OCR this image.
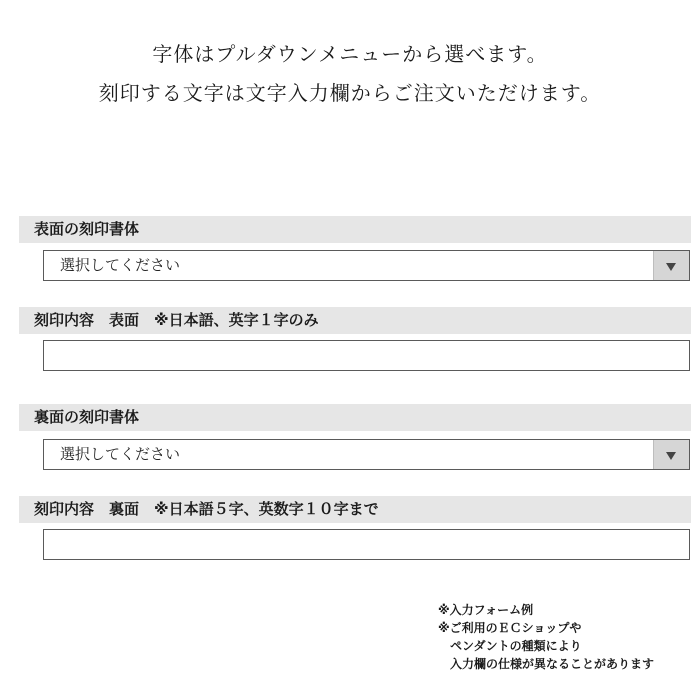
字体はプルダウンメニューから選べます。
刻印する文字は文字入力欄からご注文いただけます。
表面の刻印書体
選択してください
刻印内容　表面　※日本語、英字１字のみ
裏面の刻印書体
選択してください
刻印内容　裏面　※日本語５字、英数字１０字まで
※入力フォーム例
※ご利用のＥＣショップや
　ペンダントの種類により
　入力欄の仕様が異なることがあります
